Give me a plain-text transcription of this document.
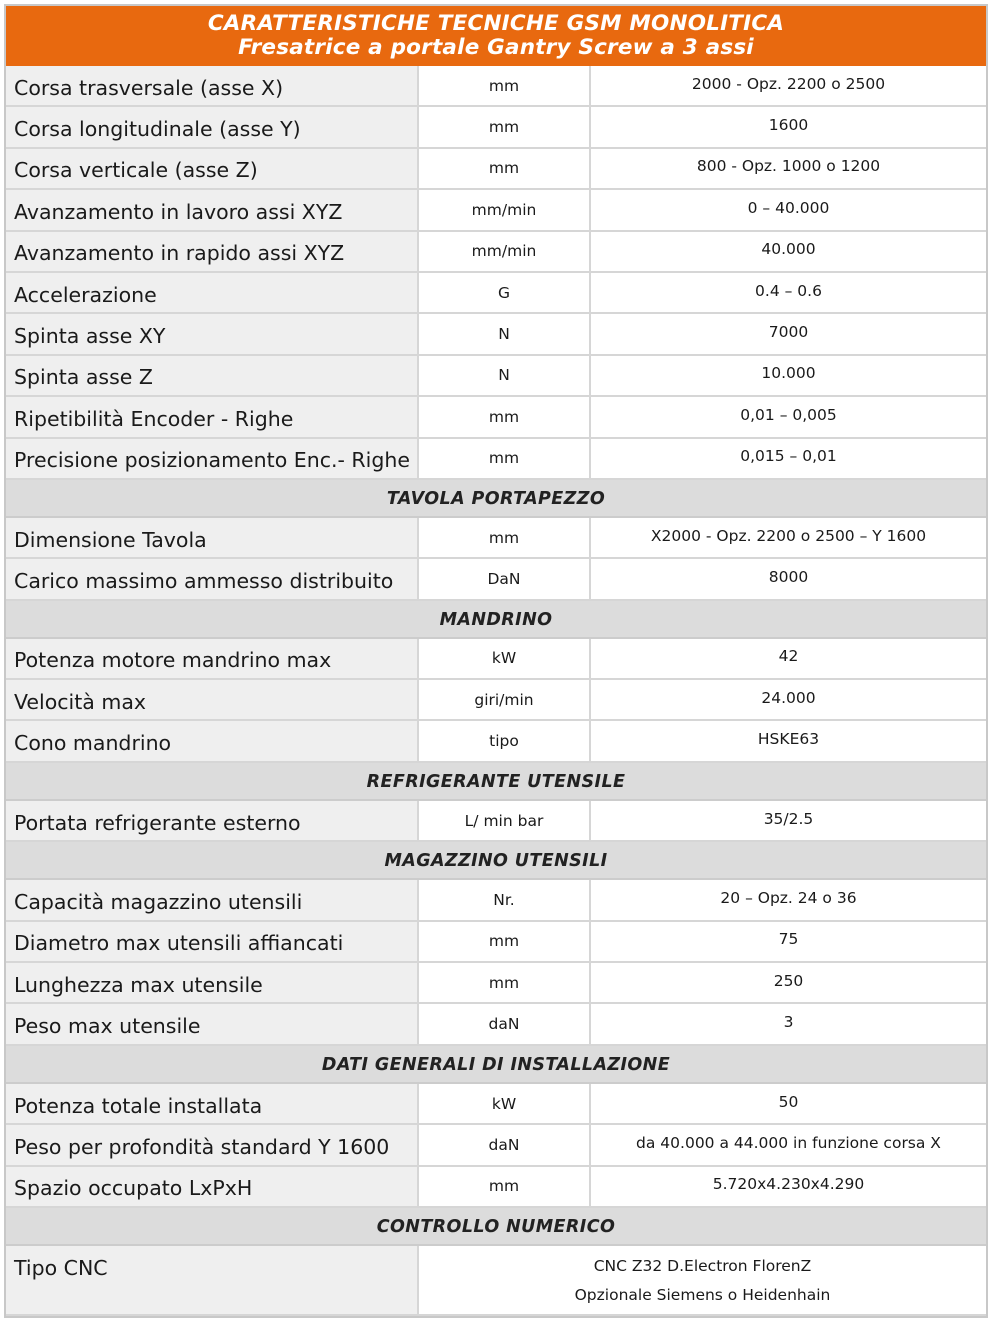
CARATTERISTICHE TECNICHE GSM MONOLITICA
Fresatrice a portale Gantry Screw a 3 assi
Corsa trasversale (asse X)	mm	2000 - Opz. 2200 o 2500
Corsa longitudinale (asse Y)	mm	1600
Corsa verticale (asse Z)	mm	800 - Opz. 1000 o 1200
Avanzamento in lavoro assi XYZ	mm/min	0 – 40.000
Avanzamento in rapido assi XYZ	mm/min	40.000
Accelerazione	G	0.4 – 0.6
Spinta asse XY	N	7000
Spinta asse Z	N	10.000
Ripetibilità Encoder - Righe	mm	0,01 – 0,005
Precisione posizionamento Enc.- Righe	mm	0,015 – 0,01
TAVOLA PORTAPEZZO		
Dimensione Tavola	mm	X2000 - Opz. 2200 o 2500 – Y 1600
Carico massimo ammesso distribuito	DaN	8000
MANDRINO		
Potenza motore mandrino max	kW	42
Velocità max	giri/min	24.000
Cono mandrino	tipo	HSKE63
REFRIGERANTE UTENSILE		
Portata refrigerante esterno	L/ min bar	35/2.5
MAGAZZINO UTENSILI		
Capacità magazzino utensili	Nr.	20 – Opz. 24 o 36
Diametro max utensili affiancati	mm	75
Lunghezza max utensile	mm	250
Peso max utensile	daN	3
DATI GENERALI DI INSTALLAZIONE		
Potenza totale installata	kW	50
Peso per profondità standard Y 1600	daN	da 40.000 a 44.000 in funzione corsa X
Spazio occupato LxPxH	mm	5.720x4.230x4.290
CONTROLLO NUMERICO		
Tipo CNC	CNC Z32 D.Electron FlorenZ
Opzionale Siemens o Heidenhain	
